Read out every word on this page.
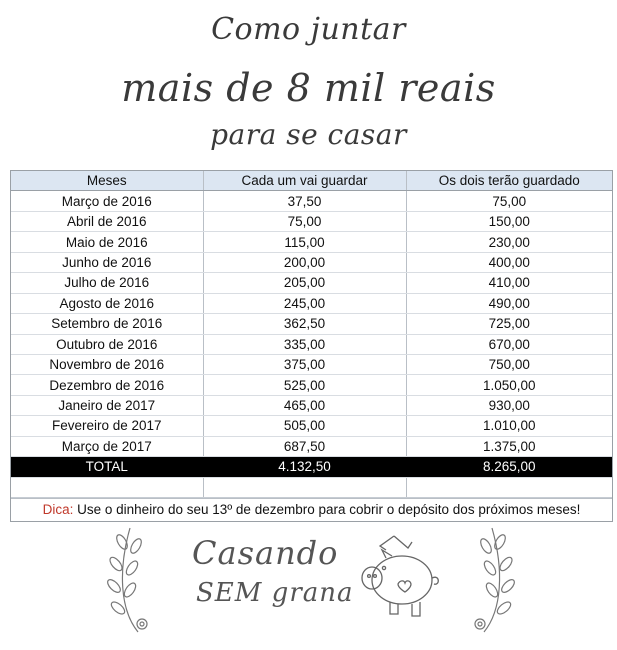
Como juntar
mais de 8 mil reais
para se casar
Meses	Cada um vai guardar	Os dois terão guardado
Março de 2016	37,50	75,00
Abril de 2016	75,00	150,00
Maio de 2016	115,00	230,00
Junho de 2016	200,00	400,00
Julho de 2016	205,00	410,00
Agosto de 2016	245,00	490,00
Setembro de 2016	362,50	725,00
Outubro de 2016	335,00	670,00
Novembro de 2016	375,00	750,00
Dezembro de 2016	525,00	1.050,00
Janeiro de 2017	465,00	930,00
Fevereiro de 2017	505,00	1.010,00
Março de 2017	687,50	1.375,00
TOTAL	4.132,50	8.265,00

Dica: Use o dinheiro do seu 13º de dezembro para cobrir o depósito dos próximos meses!
Casando
SEM grana
